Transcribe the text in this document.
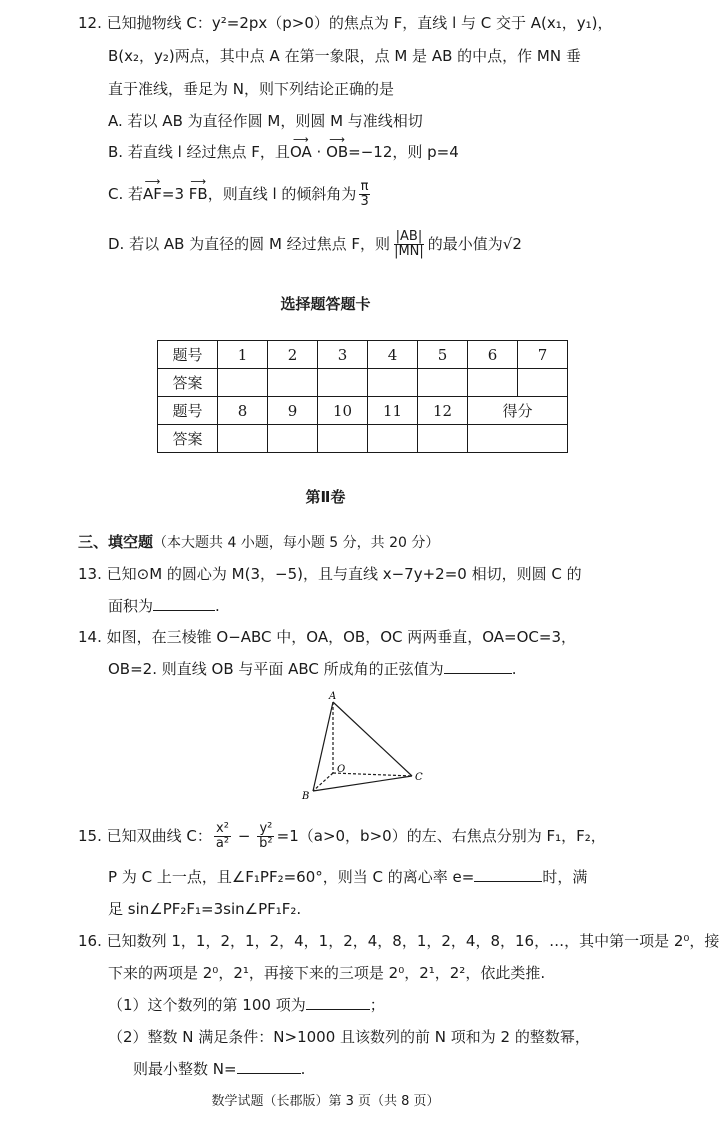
12. 已知抛物线 C：y²=2px（p>0）的焦点为 F，直线 l 与 C 交于 A(x₁，y₁)，
B(x₂，y₂)两点，其中点 A 在第一象限，点 M 是 AB 的中点，作 MN 垂
直于准线，垂足为 N，则下列结论正确的是
A. 若以 AB 为直径作圆 M，则圆 M 与准线相切
B. 若直线 l 经过焦点 F，且⟶ OA · ⟶ OB=−12，则 p=4
C. 若⟶ AF=3 ⟶ FB，则直线 l 的倾斜角为 $\frac{\pi}{3}$
D. 若以 AB 为直径的圆 M 经过焦点 F，则 $\frac{|AB|}{|MN|}$ 的最小值为√2
选择题答题卡
题号	1	2	3	4	5	6	7
答案							
题号	8	9	10	11	12	得分	
答案							
第Ⅱ卷
三、填空题（本大题共 4 小题，每小题 5 分，共 20 分）
13. 已知⊙M 的圆心为 M(3，−5)，且与直线 x−7y+2=0 相切，则圆 C 的
面积为	.
14. 如图，在三棱锥 O−ABC 中，OA，OB，OC 两两垂直，OA=OC=3，
OB=2. 则直线 OB 与平面 ABC 所成角的正弦值为	.
A
B
C
O
15. 已知双曲线 C： $\frac{\text{x²}}{\text{a²}} - \frac{\text{y²}}{\text{b²}} =1(a>0$，b>0）的左、右焦点分别为 F₁，F₂，
P 为 C 上一点，且∠F₁PF₂=60°，则当 C 的离心率 e=	时，满
足 sin∠PF₂F₁=3sin∠PF₁F₂.
16. 已知数列 1，1，2，1，2，4，1，2，4，8，1，2，4，8，16，…，其中第一项是 2⁰，接
下来的两项是 2⁰，2¹，再接下来的三项是 2⁰，2¹，2²，依此类推.
（1）这个数列的第 100 项为	；
（2）整数 N 满足条件：N>1000 且该数列的前 N 项和为 2 的整数幂，
则最小整数 N=	.
数学试题（长郡版）第 3 页（共 8 页）
